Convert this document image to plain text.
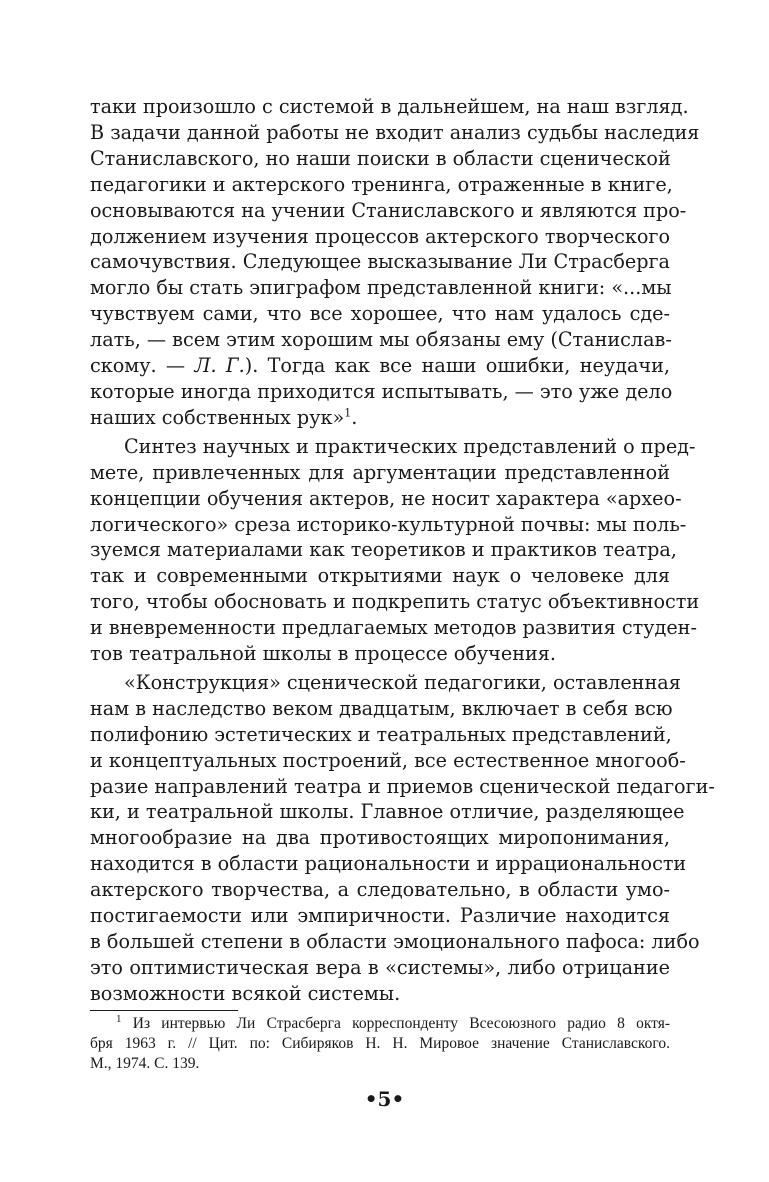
таки произошло с системой в дальнейшем, на наш взгляд.
В задачи данной работы не входит анализ судьбы наследия
Станиславского, но наши поиски в области сценической
педагогики и актерского тренинга, отраженные в книге,
основываются на учении Станиславского и являются про-
должением изучения процессов актерского творческого
самочувствия. Следующее высказывание Ли Страсберга
могло бы стать эпиграфом представленной книги: «...мы
чувствуем сами, что все хорошее, что нам удалось сде-
лать, — всем этим хорошим мы обязаны ему (Станислав-
скому. — Л. Г.). Тогда как все наши ошибки, неудачи,
которые иногда приходится испытывать, — это уже дело
наших собственных рук»$^1$.
Синтез научных и практических представлений о пред-
мете, привлеченных для аргументации представленной
концепции обучения актеров, не носит характера «архео-
логического» среза историко-культурной почвы: мы поль-
зуемся материалами как теоретиков и практиков театра,
так и современными открытиями наук о человеке для
того, чтобы обосновать и подкрепить статус объективности
и вневременности предлагаемых методов развития студен-
тов театральной школы в процессе обучения.
«Конструкция» сценической педагогики, оставленная
нам в наследство веком двадцатым, включает в себя всю
полифонию эстетических и театральных представлений,
и концептуальных построений, все естественное многооб-
разие направлений театра и приемов сценической педагоги-
ки, и театральной школы. Главное отличие, разделяющее
многообразие на два противостоящих миропонимания,
находится в области рациональности и иррациональности
актерского творчества, а следовательно, в области умо-
постигаемости или эмпиричности. Различие находится
в большей степени в области эмоционального пафоса: либо
это оптимистическая вера в «системы», либо отрицание
возможности всякой системы.
$^1$ Из интервью Ли Страсберга корреспонденту Всесоюзного радио 8 октя-
бря 1963 г. // Цит. по: Сибиряков Н. Н. Мировое значение Станиславского.
М., 1974. С. 139.
•5•
